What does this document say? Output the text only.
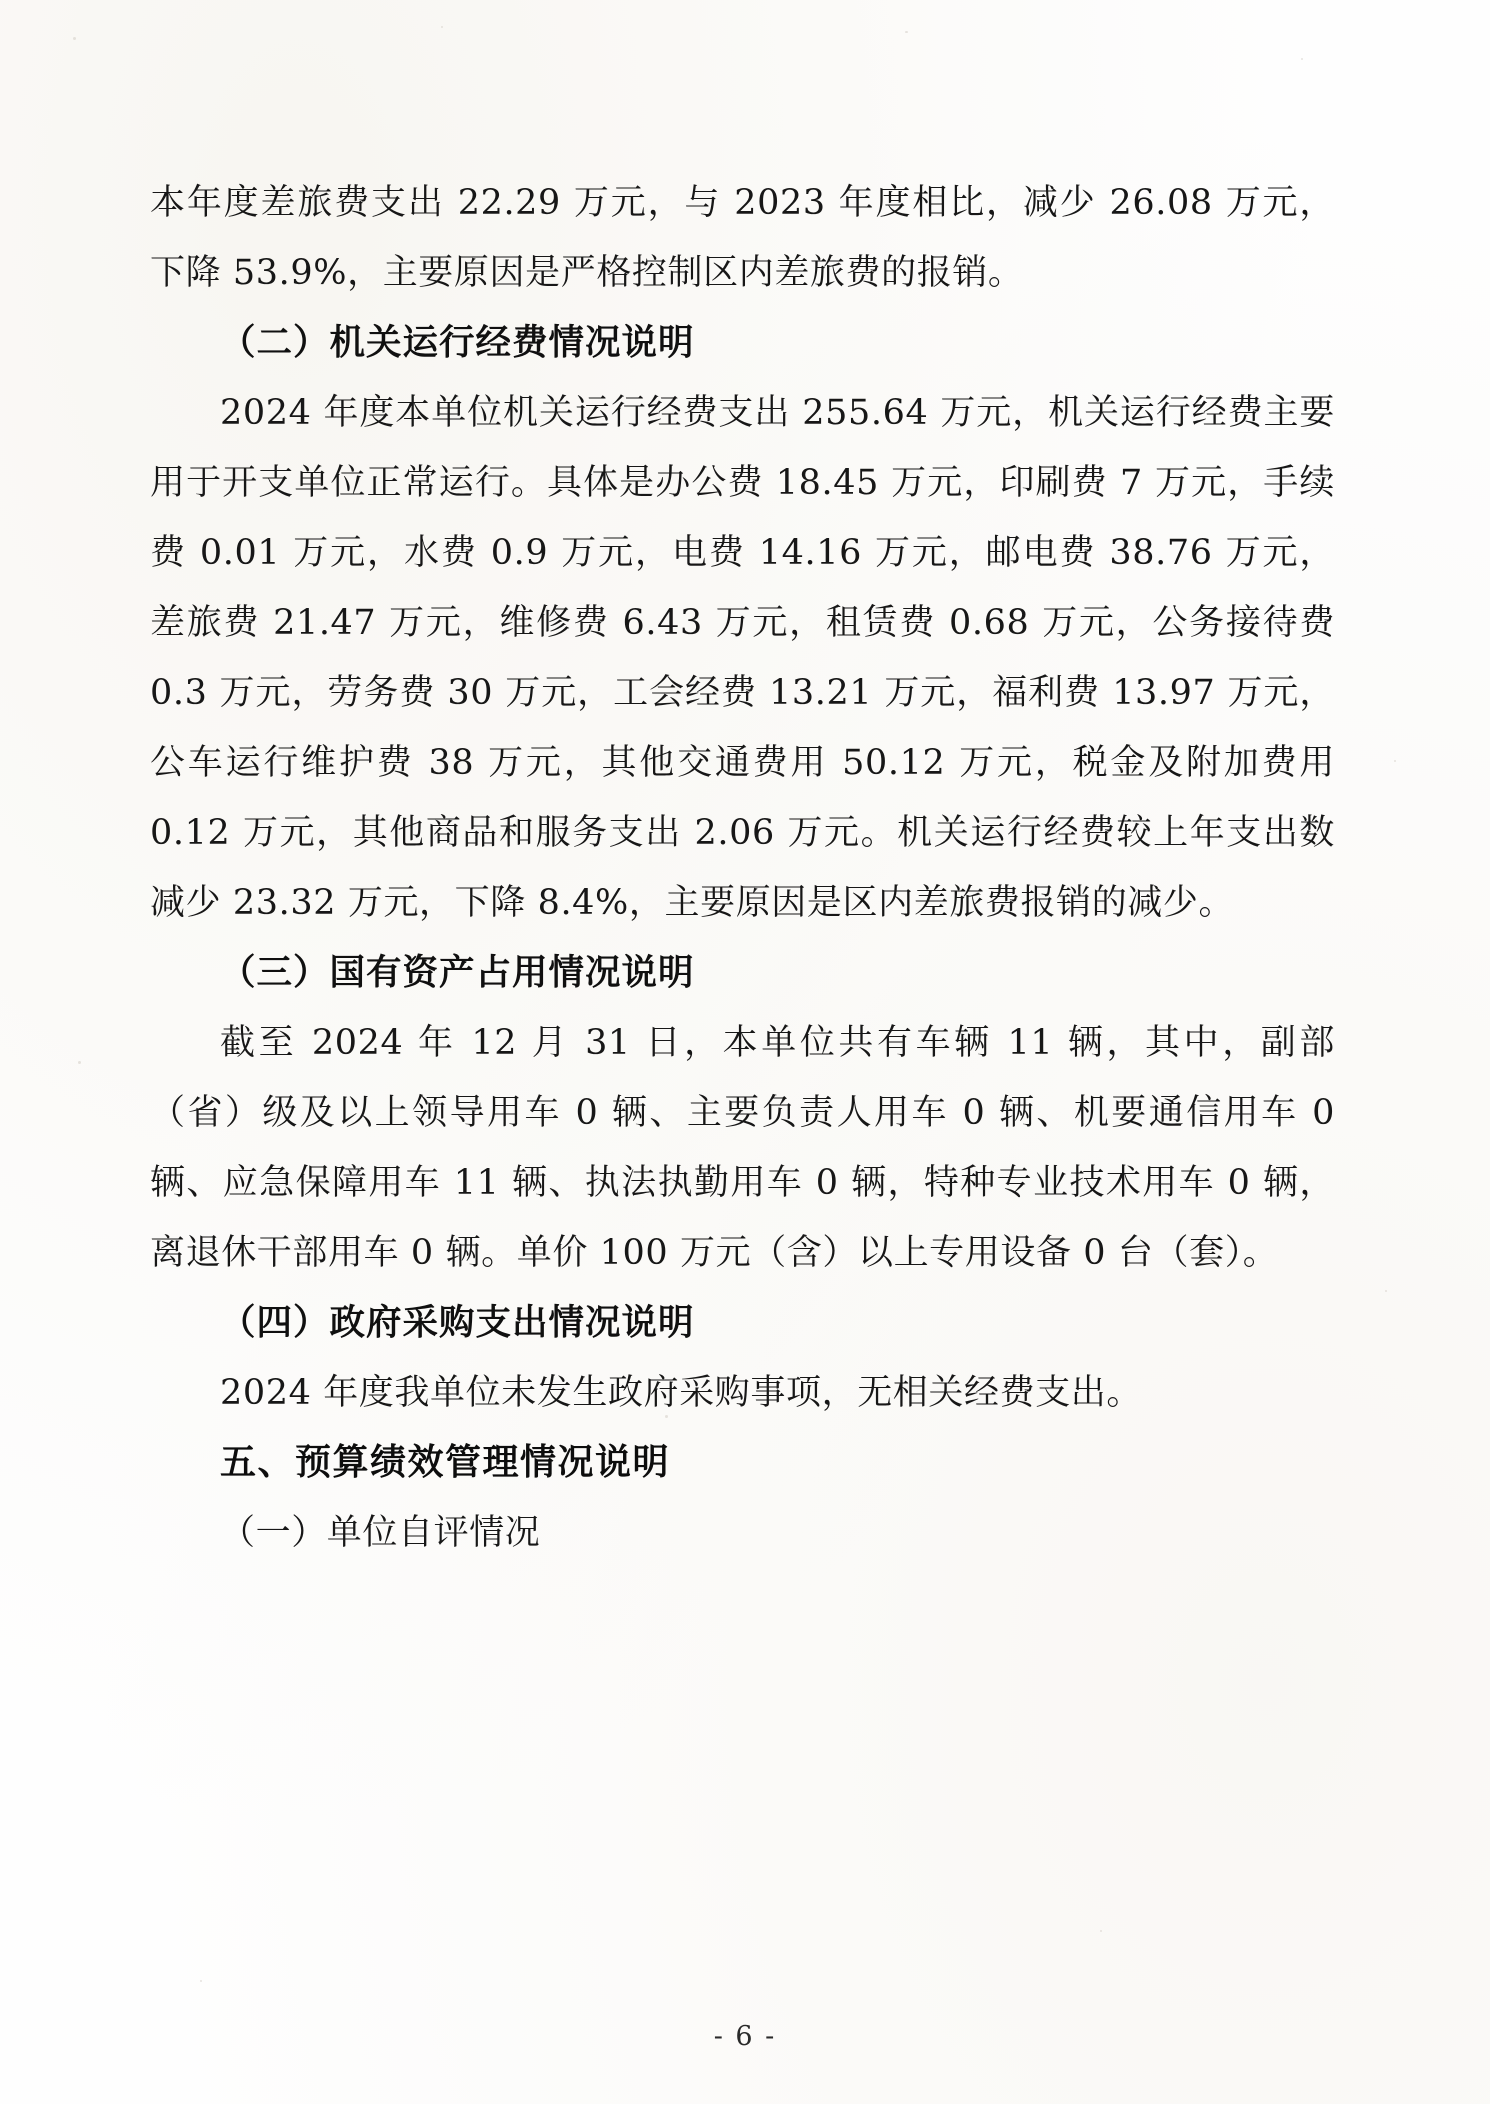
本年度差旅费支出 22.29 万元，与 2023 年度相比，减少 26.08 万元，下降 53.9%，主要原因是严格控制区内差旅费的报销。

（二）机关运行经费情况说明

2024 年度本单位机关运行经费支出 255.64 万元，机关运行经费主要用于开支单位正常运行。具体是办公费 18.45 万元，印刷费 7 万元，手续费 0.01 万元，水费 0.9 万元，电费 14.16 万元，邮电费 38.76 万元，差旅费 21.47 万元，维修费 6.43 万元，租赁费 0.68 万元，公务接待费 0.3 万元，劳务费 30 万元，工会经费 13.21 万元，福利费 13.97 万元，公车运行维护费 38 万元，其他交通费用 50.12 万元，税金及附加费用 0.12 万元，其他商品和服务支出 2.06 万元。机关运行经费较上年支出数减少 23.32 万元，下降 8.4%，主要原因是区内差旅费报销的减少。

（三）国有资产占用情况说明

截至 2024 年 12 月 31 日，本单位共有车辆 11 辆，其中，副部（省）级及以上领导用车 0 辆、主要负责人用车 0 辆、机要通信用车 0 辆、应急保障用车 11 辆、执法执勤用车 0 辆，特种专业技术用车 0 辆，离退休干部用车 0 辆。单价 100 万元（含）以上专用设备 0 台（套）。

（四）政府采购支出情况说明

2024 年度我单位未发生政府采购事项，无相关经费支出。

五、预算绩效管理情况说明

（一）单位自评情况

- 6 -
